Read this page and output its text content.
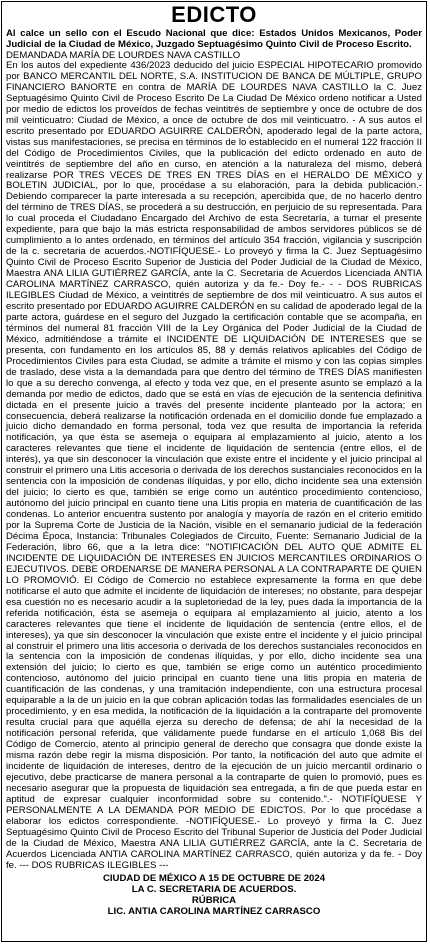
EDICTO

Al calce un sello con el Escudo Nacional que dice: Estados Unidos Mexicanos, Poder Judicial de la Ciudad de México, Juzgado Septuagésimo Quinto Civil de Proceso Escrito.

DEMANDADA MARÍA DE LOURDES NAVA CASTILLO

En los autos del expediente 436/2023 deducido del juicio ESPECIAL HIPOTECARIO promovido por BANCO MERCANTIL DEL NORTE, S.A. INSTITUCION DE BANCA DE MÚLTIPLE, GRUPO FINANCIERO BANORTE en contra de MARÍA DE LOURDES NAVA CASTILLO la C. Juez Septuagésimo Quinto Civil de Proceso Escrito De La Ciudad De México ordeno notificar a Usted por medio de edictos los proveídos de fechas veintitrés de septiembre y once de octubre de dos mil veinticuatro: Ciudad de México, a once de octubre de dos mil veinticuatro. - A sus autos el escrito presentado por EDUARDO AGUIRRE CALDERÓN, apoderado legal de la parte actora, vistas sus manifestaciones, se precisa en términos de lo establecido en el numeral 122 fracción II del Código de Procedimientos Civiles, que la publicación del edicto ordenado en auto de veintitrés de septiembre del año en curso, en atención a la naturaleza del mismo, deberá realizarse POR TRES VECES DE TRES EN TRES DÍAS en el HERALDO DE MÉXICO y BOLETIN JUDICIAL, por lo que, procédase a su elaboración, para la debida publicación.- Debiendo comparecer la parte interesada a su recepción, apercibida que, de no hacerlo dentro del término de TRES DÍAS, se procederá a su destrucción, en perjuicio de su representada. Para lo cual proceda el Ciudadano Encargado del Archivo de esta Secretaría, a turnar el presente expediente, para que bajo la más estricta responsabilidad de ambos servidores públicos se dé cumplimiento a lo antes ordenado, en términos del artículo 354 fracción, vigilancia y suscripción de la c. secretaria de acuerdos.-NOTIFÍQUESE.- Lo proveyó y firma la C. Juez Septuagésimo Quinto Civil de Proceso Escrito Superior de Justicia del Poder Judicial de la Ciudad de México, Maestra ANA LILIA GUTIÉRREZ GARCÍA, ante la C. Secretaria de Acuerdos Licenciada ANTIA CAROLINA MARTÍNEZ CARRASCO, quién autoriza y da fe.- Doy fe.- - - DOS RUBRICAS ILEGIBLES Ciudad de México, a veintitrés de septiembre de dos mil veinticuatro. A sus autos el escrito presentado por EDUARDO AGUIRRE CALDERÓN en su calidad de apoderado legal de la parte actora, guárdese en el seguro del Juzgado la certificación contable que se acompaña, en términos del numeral 81 fracción VIII de la Ley Orgánica del Poder Judicial de la Ciudad de México, admitiéndose a trámite el INCIDENTE DE LIQUIDACIÓN DE INTERESES que se presenta, con fundamento en los artículos 85, 88 y demás relativos aplicables del Código de Procedimientos Civiles para esta Ciudad, se admite a trámite el mismo y con las copias simples de traslado, dese vista a la demandada para que dentro del término de TRES DÍAS manifiesten lo que a su derecho convenga, al efecto y toda vez que, en el presente asunto se emplazó a la demanda por medio de edictos, dado que se está en vías de ejecución de la sentencia definitiva dictada en el presente juicio a través del presente incidente planteado por la actora; en consecuencia, deberá realizarse la notificación ordenada en el domicilio donde fue emplazado a juicio dicho demandado en forma personal, toda vez que resulta de importancia la referida notificación, ya que ésta se asemeja o equipara al emplazamiento al juicio, atento a los caracteres relevantes que tiene el incidente de liquidación de sentencia (entre ellos, el de interés), ya que sin desconocer la vinculación que existe entre el incidente y el juicio principal al construir el primero una Litis accesoria o derivada de los derechos sustanciales reconocidos en la sentencia con la imposición de condenas ilíquidas, y por ello, dicho incidente sea una extensión del juicio; lo cierto es que, también se erige como un auténtico procedimiento contencioso, autónomo del juicio principal en cuanto tiene una Litis propia en materia de cuantificación de las condenas. Lo anterior encuentra sustento por analogía y mayoría de razón en el criterio emitido por la Suprema Corte de Justicia de la Nación, visible en el semanario judicial de la federación Décima Época, Instancia: Tribunales Colegiados de Circuito, Fuente: Semanario Judicial de la Federación, libro 66, que a la letra dice: "NOTIFICACIÓN DEL AUTO QUE ADMITE EL INCIDENTE DE LIQUIDACIÓN DE INTERESES EN JUICIOS MERCANTILES ORDINARIOS O EJECUTIVOS. DEBE ORDENARSE DE MANERA PERSONAL A LA CONTRAPARTE DE QUIEN LO PROMOVIÓ. El Código de Comercio no establece expresamente la forma en que debe notificarse el auto que admite el incidente de liquidación de intereses; no obstante, para despejar esa cuestión no es necesario acudir a la supletoriedad de la ley, pues dada la importancia de la referida notificación, ésta se asemeja o equipara al emplazamiento al juicio, atento a los caracteres relevantes que tiene el incidente de liquidación de sentencia (entre ellos, el de intereses), ya que sin desconocer la vinculación que existe entre el incidente y el juicio principal al construir el primero una litis accesoria o derivada de los derechos sustanciales reconocidos en la sentencia con la imposición de condenas ilíquidas, y por ello, dicho incidente sea una extensión del juicio; lo cierto es que, también se erige como un auténtico procedimiento contencioso, autónomo del juicio principal en cuanto tiene una litis propia en materia de cuantificación de las condenas, y una tramitación independiente, con una estructura procesal equiparable a la de un juicio en la que cobran aplicación todas las formalidades esenciales de un procedimiento, y en esa medida, la notificación de la liquidación a la contraparte del promovente resulta crucial para que aquélla ejerza su derecho de defensa; de ahí la necesidad de la notificación personal referida, que válidamente puede fundarse en el artículo 1,068 Bis del Código de Comercio, atento al principio general de derecho que consagra que donde existe la misma razón debe regir la misma disposición. Por tanto, la notificación del auto que admite el incidente de liquidación de intereses, dentro de la ejecución de un juicio mercantil ordinario o ejecutivo, debe practicarse de manera personal a la contraparte de quien lo promovió, pues es necesario asegurar que la propuesta de liquidación sea entregada, a fin de que pueda estar en aptitud de expresar cualquier inconformidad sobre su contenido.".- NOTIFÍQUESE Y PERSONALMENTE A LA DEMANDA POR MEDIO DE EDICTOS. Por lo que procédase a elaborar los edictos correspondiente. -NOTIFÍQUESE.- Lo proveyó y firma la C. Juez Septuagésimo Quinto Civil de Proceso Escrito del Tribunal Superior de Justicia del Poder Judicial de la Ciudad de México, Maestra ANA LILIA GUTIÉRREZ GARCÍA, ante la C. Secretaria de Acuerdos Licenciada ANTIA CAROLINA MARTÍNEZ CARRASCO, quién autoriza y da fe. - Doy fe. --- DOS RUBRICAS ILEGIBLES ---

CIUDAD DE MÉXICO A 15 DE OCTUBRE DE 2024
LA C. SECRETARIA DE ACUERDOS.
RÚBRICA
LIC. ANTIA CAROLINA MARTÍNEZ CARRASCO
